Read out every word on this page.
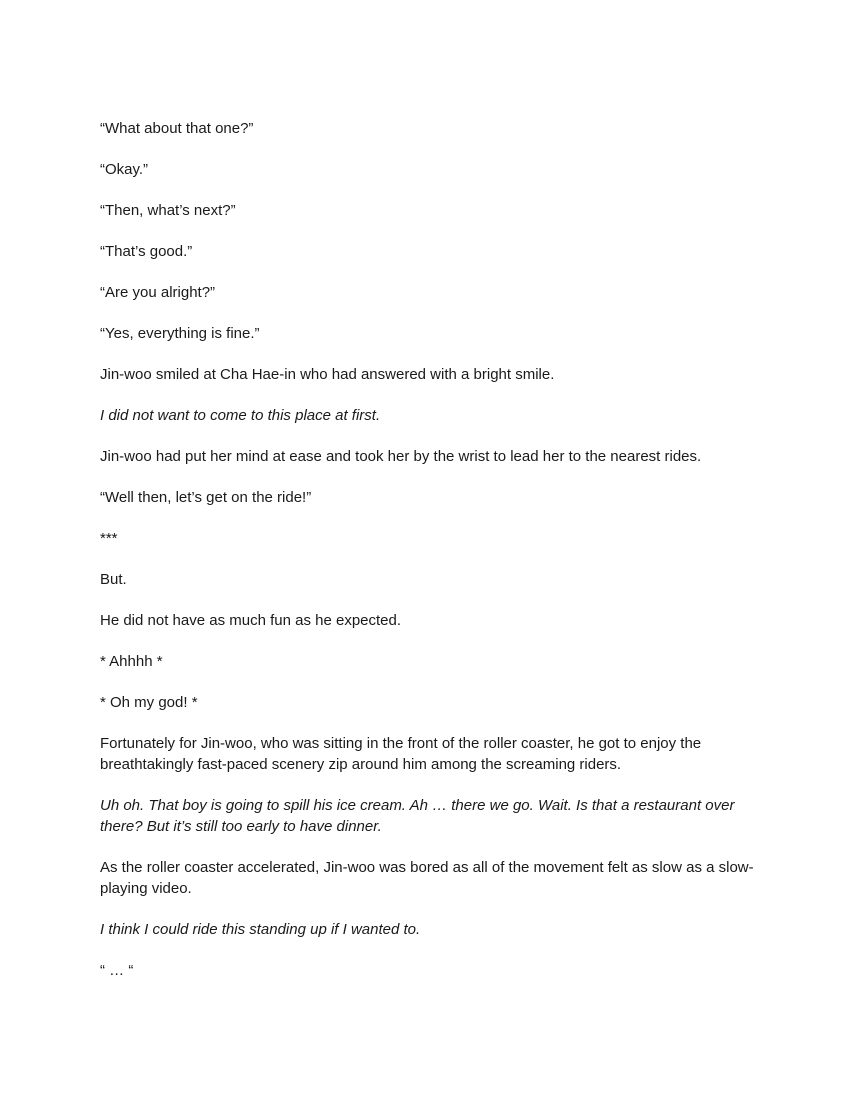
“What about that one?”

“Okay.”

“Then, what’s next?”

“That’s good.”

“Are you alright?”

“Yes, everything is fine.”

Jin-woo smiled at Cha Hae-in who had answered with a bright smile.

I did not want to come to this place at first.

Jin-woo had put her mind at ease and took her by the wrist to lead her to the nearest rides.

“Well then, let’s get on the ride!”

***

But.

He did not have as much fun as he expected.

* Ahhhh *

* Oh my god! *

Fortunately for Jin-woo, who was sitting in the front of the roller coaster, he got to enjoy the breathtakingly fast-paced scenery zip around him among the screaming riders.

Uh oh. That boy is going to spill his ice cream. Ah … there we go. Wait. Is that a restaurant over there? But it’s still too early to have dinner.

As the roller coaster accelerated, Jin-woo was bored as all of the movement felt as slow as a slow-playing video.

I think I could ride this standing up if I wanted to.

“ … “
